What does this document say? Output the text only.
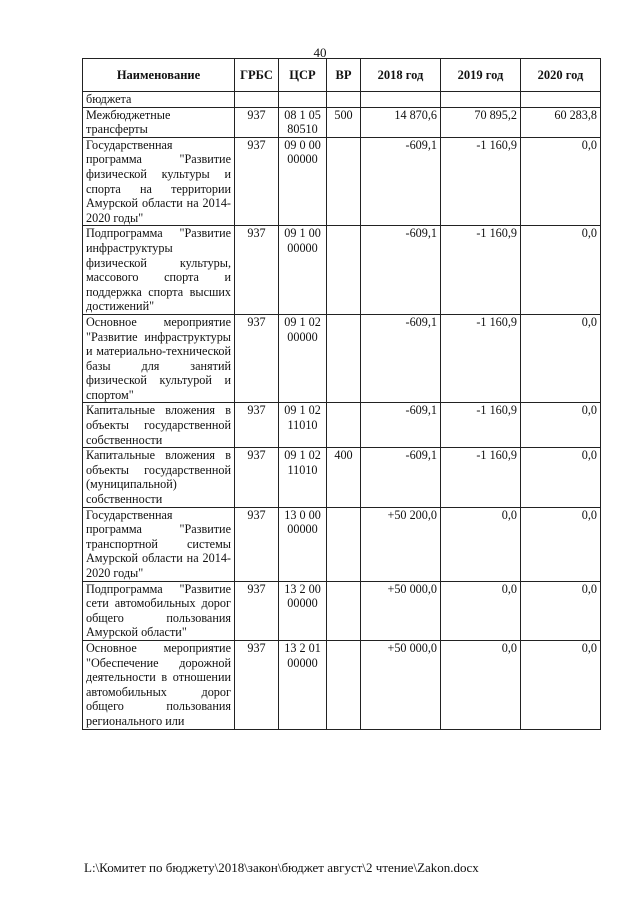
40
Наименование	ГРБС	ЦСР	ВР	2018 год	2019 год	2020 год
бюджета						
Межбюджетные трансферты	937	08 1 05 80510	500	14 870,6	70 895,2	60 283,8
Государственная программа "Развитие физической культуры и спорта на территории Амурской области на 2014-2020 годы"	937	09 0 00 00000		-609,1	-1 160,9	0,0
Подпрограмма "Развитие инфраструктуры физической культуры, массового спорта и поддержка спорта высших достижений"	937	09 1 00 00000		-609,1	-1 160,9	0,0
Основное мероприятие "Развитие инфраструктуры и материально-технической базы для занятий физической культурой и спортом"	937	09 1 02 00000		-609,1	-1 160,9	0,0
Капитальные вложения в объекты государственной собственности	937	09 1 02 11010		-609,1	-1 160,9	0,0
Капитальные вложения в объекты государственной (муниципальной) собственности	937	09 1 02 11010	400	-609,1	-1 160,9	0,0
Государственная программа "Развитие транспортной системы Амурской области на 2014-2020 годы"	937	13 0 00 00000		+50 200,0	0,0	0,0
Подпрограмма "Развитие сети автомобильных дорог общего пользования Амурской области"	937	13 2 00 00000		+50 000,0	0,0	0,0
Основное мероприятие "Обеспечение дорожной деятельности в отношении автомобильных дорог общего пользования регионального или	937	13 2 01 00000		+50 000,0	0,0	0,0
L:\Комитет по бюджету\2018\закон\бюджет август\2 чтение\Zakon.docx
